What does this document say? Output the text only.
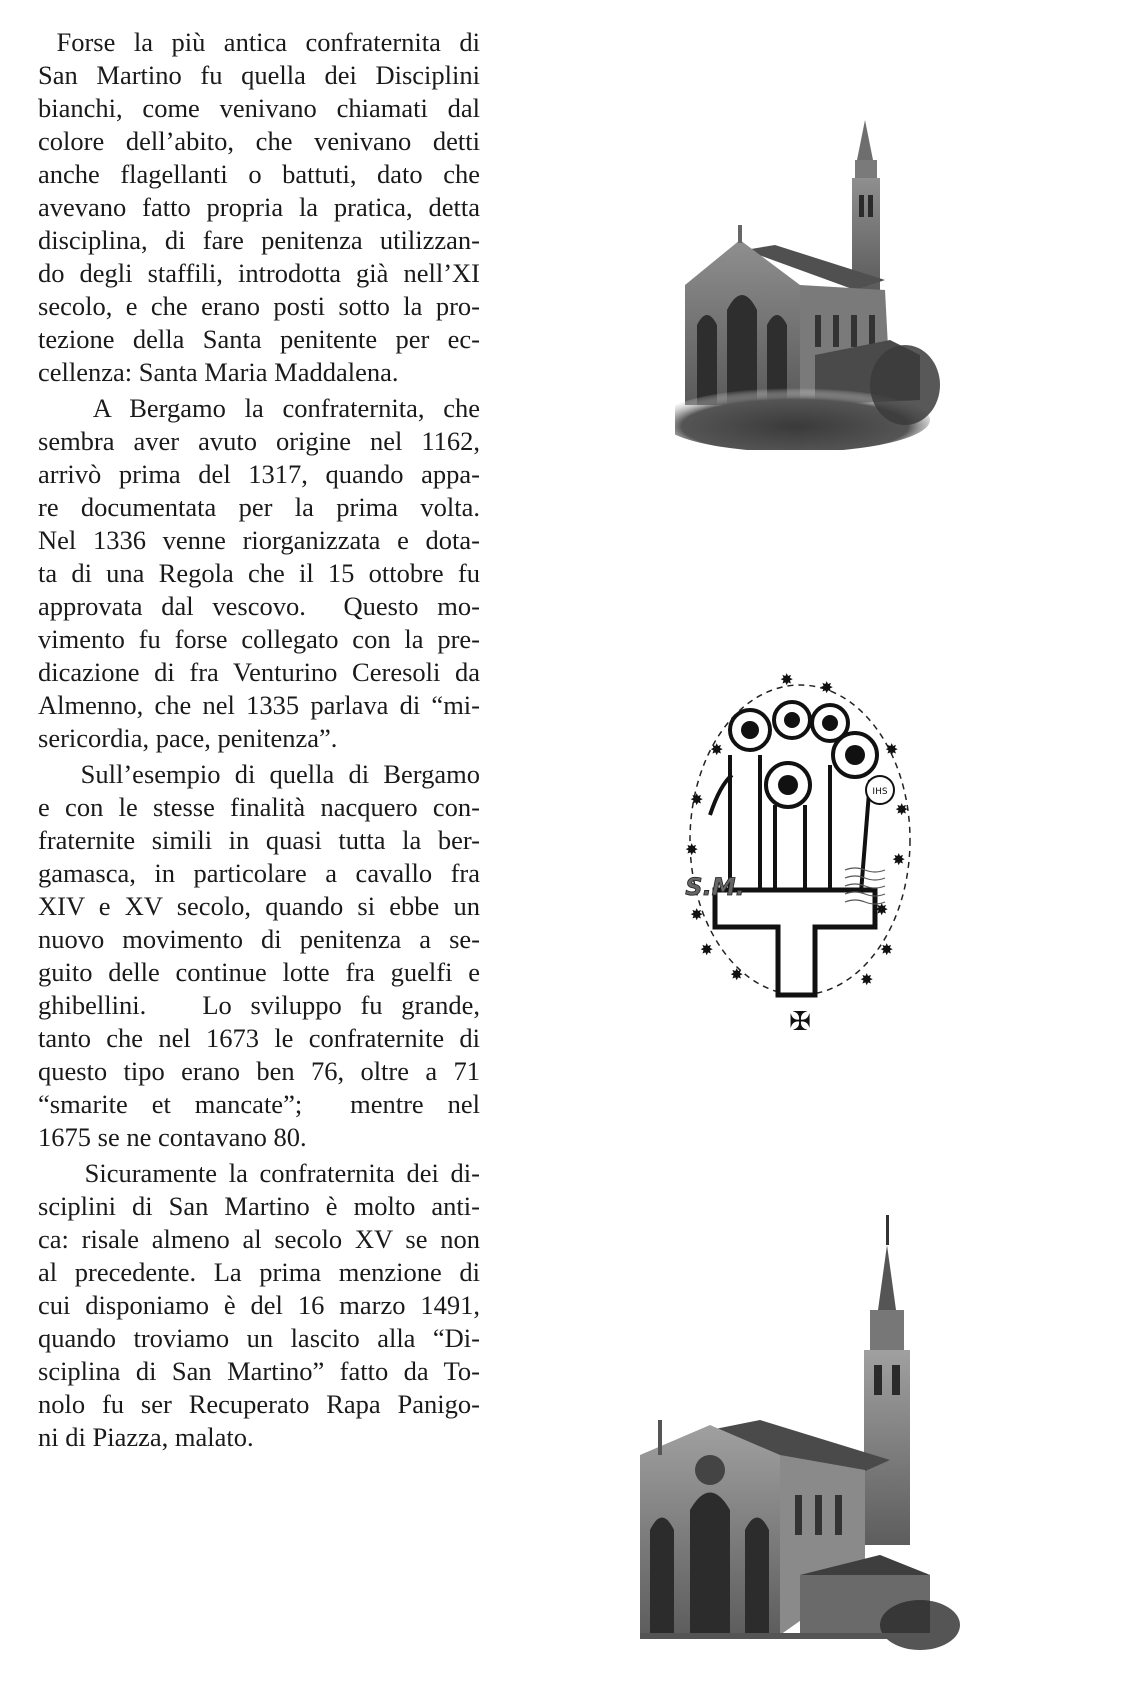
Forse la più antica confraternita di
San Martino fu quella dei Disciplini
bianchi, come venivano chiamati dal
colore dell’abito, che venivano detti
anche flagellanti o battuti, dato che
avevano fatto propria la pratica, detta
disciplina, di fare penitenza utilizzan-
do degli staffili, introdotta già nell’XI
secolo, e che erano posti sotto la pro-
tezione della Santa penitente per ec-
cellenza: Santa Maria Maddalena.

A Bergamo la confraternita, che
sembra aver avuto origine nel 1162,
arrivò prima del 1317, quando appa-
re documentata per la prima volta.
Nel 1336 venne riorganizzata e dota-
ta di una Regola che il 15 ottobre fu
approvata dal vescovo.  Questo mo-
vimento fu forse collegato con la pre-
dicazione di fra Venturino Ceresoli da
Almenno, che nel 1335 parlava di “mi-
sericordia, pace, penitenza”.

Sull’esempio di quella di Bergamo
e con le stesse finalità nacquero con-
fraternite simili in quasi tutta la ber-
gamasca, in particolare a cavallo fra
XIV e XV secolo, quando si ebbe un
nuovo movimento di penitenza a se-
guito delle continue lotte fra guelfi e
ghibellini.   Lo sviluppo fu grande,
tanto che nel 1673 le confraternite di
questo tipo erano ben 76, oltre a 71
“smarite et mancate”;  mentre nel
1675 se ne contavano 80.

Sicuramente la confraternita dei di-
sciplini di San Martino è molto anti-
ca: risale almeno al secolo XV se non
al precedente. La prima menzione di
cui disponiamo è del 16 marzo 1491,
quando troviamo un lascito alla “Di-
sciplina di San Martino” fatto da To-
nolo fu ser Recuperato Rapa Panigo-
ni di Piazza, malato.

✸ ✸
✸	✸
✸
✸
✸
✸
✸
✸	✸
✸	✸
✸
IHS
S.M.
✠
